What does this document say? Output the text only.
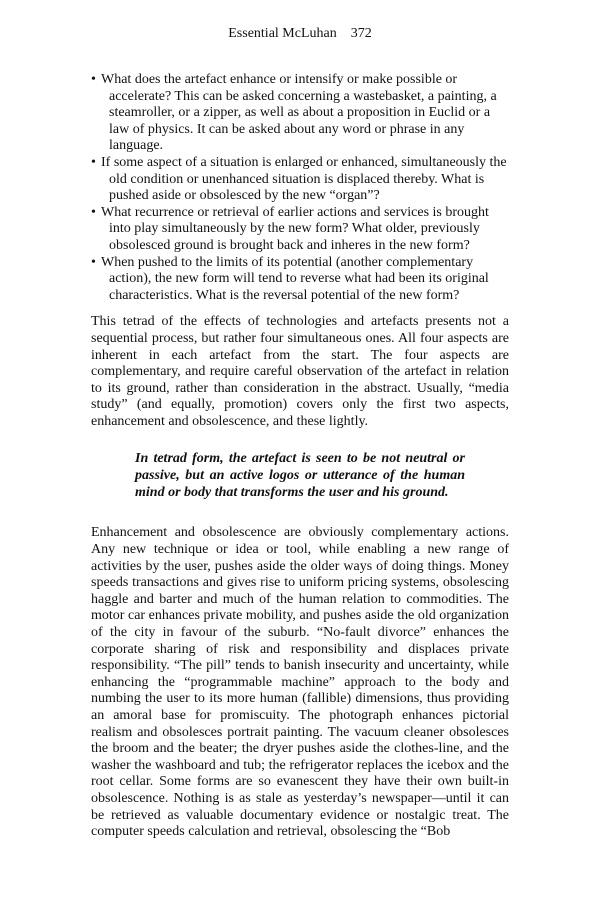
Essential McLuhan 372
• What does the artefact enhance or intensify or make possible or accelerate? This can be asked concerning a wastebasket, a painting, a steamroller, or a zipper, as well as about a proposition in Euclid or a law of physics. It can be asked about any word or phrase in any language.
• If some aspect of a situation is enlarged or enhanced, simultaneously the old condition or unenhanced situation is displaced thereby. What is pushed aside or obsolesced by the new “organ”?
• What recurrence or retrieval of earlier actions and services is brought into play simultaneously by the new form? What older, previously obsolesced ground is brought back and inheres in the new form?
• When pushed to the limits of its potential (another complementary action), the new form will tend to reverse what had been its original characteristics. What is the reversal potential of the new form?

This tetrad of the effects of technologies and artefacts presents not a sequential process, but rather four simultaneous ones. All four aspects are inherent in each artefact from the start. The four aspects are complementary, and require careful observation of the artefact in relation to its ground, rather than consideration in the abstract. Usually, “media study” (and equally, promotion) covers only the first two aspects, enhancement and obsolescence, and these lightly.

In tetrad form, the artefact is seen to be not neutral or passive, but an active logos or utterance of the human mind or body that transforms the user and his ground.

Enhancement and obsolescence are obviously complementary actions. Any new technique or idea or tool, while enabling a new range of activities by the user, pushes aside the older ways of doing things. Money speeds transactions and gives rise to uniform pricing systems, obsolescing haggle and barter and much of the human relation to commodities. The motor car enhances private mobility, and pushes aside the old organization of the city in favour of the suburb. “No-fault divorce” enhances the corporate sharing of risk and responsibility and displaces private responsibility. “The pill” tends to banish insecurity and uncertainty, while enhancing the “programmable machine” approach to the body and numbing the user to its more human (fallible) dimensions, thus providing an amoral base for promiscuity. The photograph enhances pictorial realism and obsolesces portrait painting. The vacuum cleaner obsolesces the broom and the beater; the dryer pushes aside the clothes-line, and the washer the washboard and tub; the refrigerator replaces the icebox and the root cellar. Some forms are so evanescent they have their own built-in obsolescence. Nothing is as stale as yesterday’s newspaper—until it can be retrieved as valuable documentary evidence or nostalgic treat. The computer speeds calculation and retrieval, obsolescing the “Bob
